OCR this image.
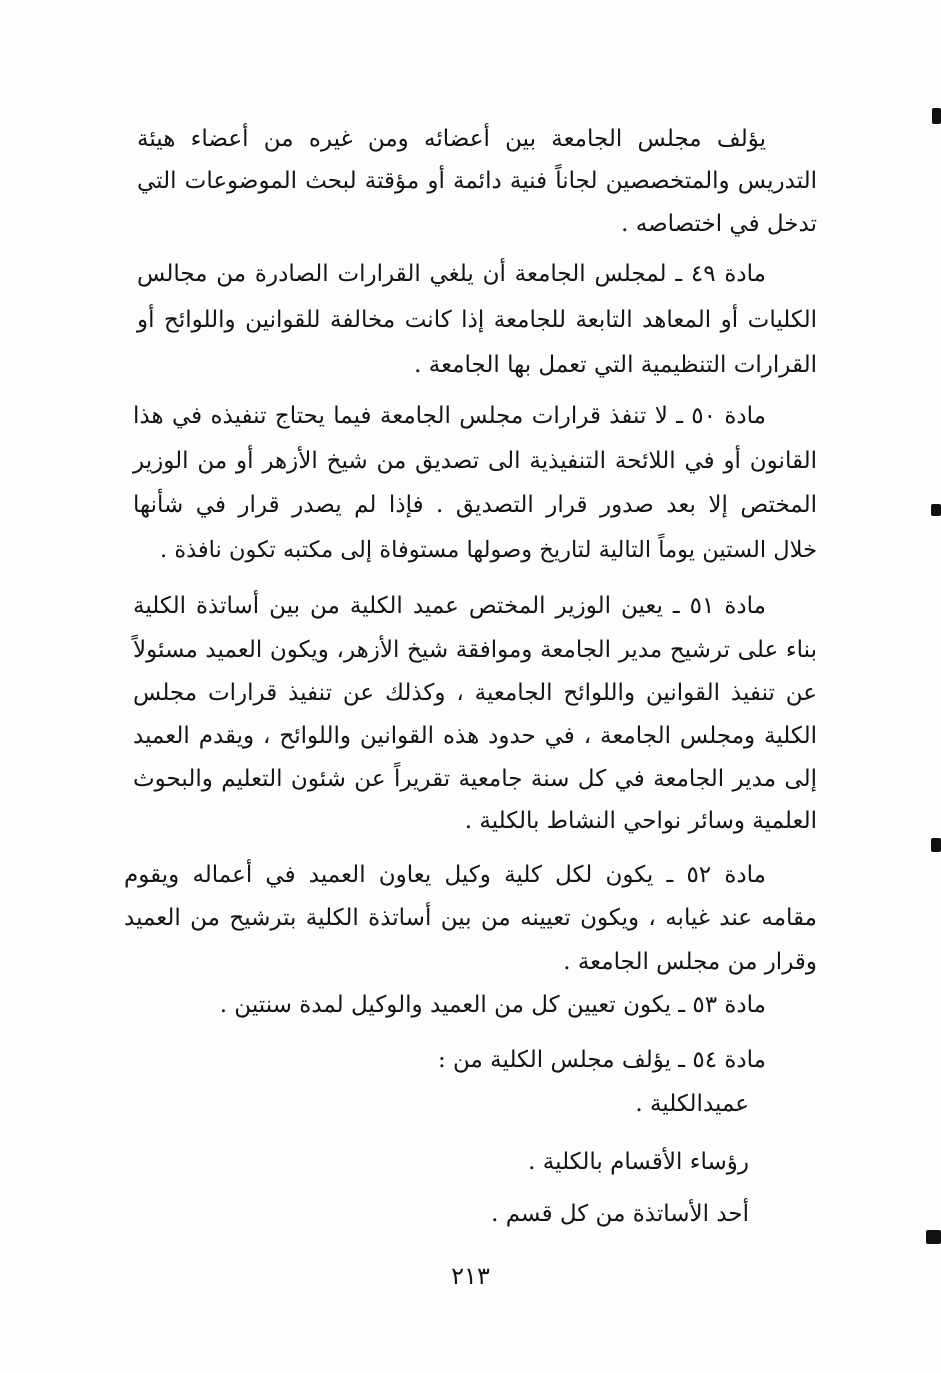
يؤلف مجلس الجامعة بين أعضائه ومن غيره من أعضاء هيئة
التدريس والمتخصصين لجاناً فنية دائمة أو مؤقتة لبحث الموضوعات التي
تدخل في اختصاصه .
مادة ٤٩ ـ لمجلس الجامعة أن يلغي القرارات الصادرة من مجالس
الكليات أو المعاهد التابعة للجامعة إذا كانت مخالفة للقوانين واللوائح أو
القرارات التنظيمية التي تعمل بها الجامعة .
مادة ٥٠ ـ لا تنفذ قرارات مجلس الجامعة فيما يحتاج تنفيذه في هذا
القانون أو في اللائحة التنفيذية الى تصديق من شيخ الأزهر أو من الوزير
المختص إلا بعد صدور قرار التصديق . فإذا لم يصدر قرار في شأنها
خلال الستين يوماً التالية لتاريخ وصولها مستوفاة إلى مكتبه تكون نافذة .
مادة ٥١ ـ يعين الوزير المختص عميد الكلية من بين أساتذة الكلية
بناء على ترشيح مدير الجامعة وموافقة شيخ الأزهر، ويكون العميد مسئولاً
عن تنفيذ القوانين واللوائح الجامعية ، وكذلك عن تنفيذ قرارات مجلس
الكلية ومجلس الجامعة ، في حدود هذه القوانين واللوائح ، ويقدم العميد
إلى مدير الجامعة في كل سنة جامعية تقريراً عن شئون التعليم والبحوث
العلمية وسائر نواحي النشاط بالكلية .
مادة ٥٢ ـ يكون لكل كلية وكيل يعاون العميد في أعماله ويقوم
مقامه عند غيابه ، ويكون تعيينه من بين أساتذة الكلية بترشيح من العميد
وقرار من مجلس الجامعة .
مادة ٥٣ ـ يكون تعيين كل من العميد والوكيل لمدة سنتين .
مادة ٥٤ ـ يؤلف مجلس الكلية من :
عميدالكلية .
رؤساء الأقسام بالكلية .
أحد الأساتذة من كل قسم .
٢١٣
